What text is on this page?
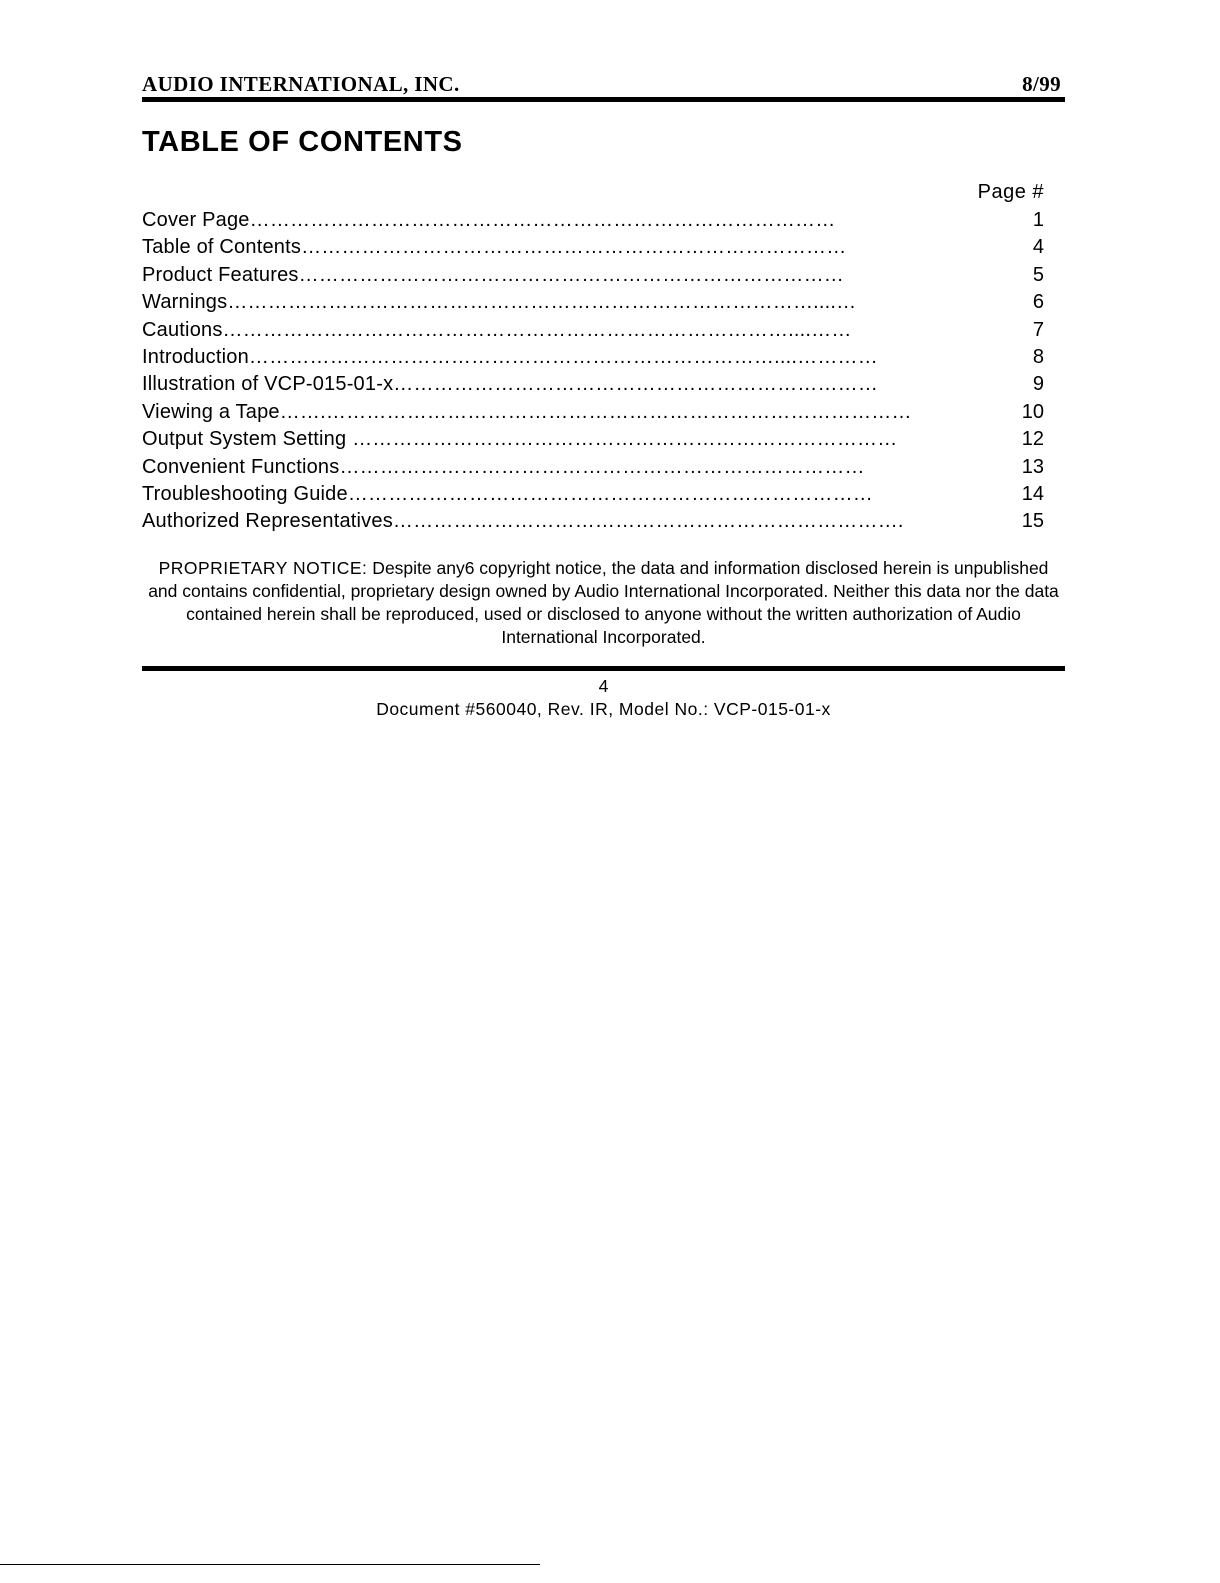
AUDIO INTERNATIONAL, INC.	8/99
TABLE OF CONTENTS
Page #
Cover Page……………………………………………………………………………	1
Table of Contents………………………………………………………………………	4
Product Features………………………………………………………………………	5
Warnings……………………………………………………………………………....…	6
Cautions…………………………………………………………………………....……	7
Introduction……………………………………………………………………....…………	8
Illustration of VCP-015-01-x………………………………………………………………	9
Viewing a Tape…….……………………………………………………………………………	10
Output System Setting ………………………………………………………………………	12
Convenient Functions……………………………………………………………………	13
Troubleshooting Guide……………………………………………………………………	14
Authorized Representatives………………………………………………………………….	15
PROPRIETARY NOTICE: Despite any6 copyright notice, the data and information disclosed herein is unpublished and contains confidential, proprietary design owned by Audio International Incorporated. Neither this data nor the data contained herein shall be reproduced, used or disclosed to anyone without the written authorization of Audio International Incorporated.
4
Document #560040, Rev. IR, Model No.: VCP-015-01-x
